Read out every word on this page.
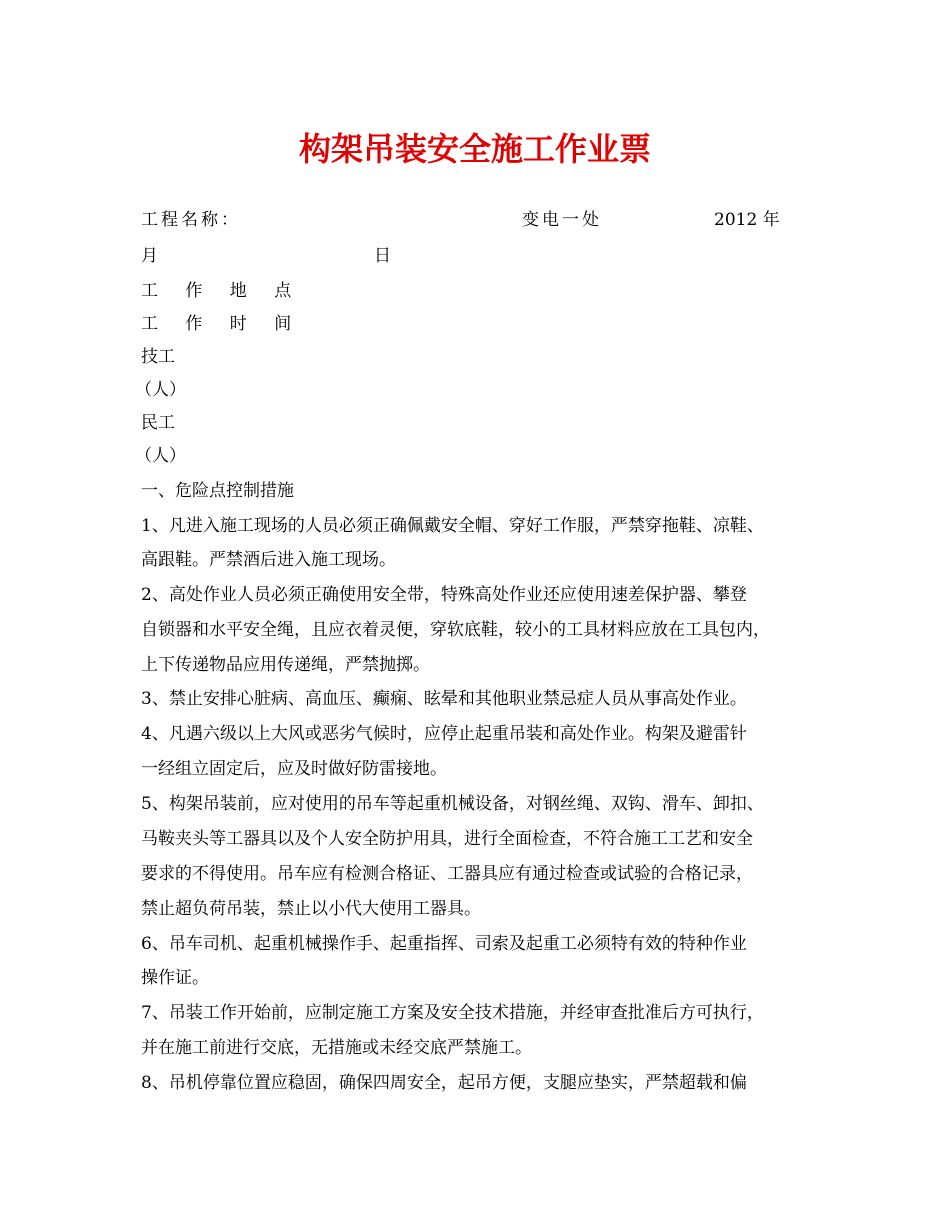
构架吊装安全施工作业票
工程名称：	变电一处	2012 年
月	日
工 作 地 点
工 作 时 间
技工
（人）
民工
（人）
一、危险点控制措施
1、凡进入施工现场的人员必须正确佩戴安全帽、穿好工作服，严禁穿拖鞋、凉鞋、
高跟鞋。严禁酒后进入施工现场。
2、高处作业人员必须正确使用安全带，特殊高处作业还应使用速差保护器、攀登
自锁器和水平安全绳，且应衣着灵便，穿软底鞋，较小的工具材料应放在工具包内，
上下传递物品应用传递绳，严禁抛掷。
3、禁止安排心脏病、高血压、癫痫、眩晕和其他职业禁忌症人员从事高处作业。
4、凡遇六级以上大风或恶劣气候时，应停止起重吊装和高处作业。构架及避雷针
一经组立固定后，应及时做好防雷接地。
5、构架吊装前，应对使用的吊车等起重机械设备，对钢丝绳、双钩、滑车、卸扣、
马鞍夹头等工器具以及个人安全防护用具，进行全面检查，不符合施工工艺和安全
要求的不得使用。吊车应有检测合格证、工器具应有通过检查或试验的合格记录，
禁止超负荷吊装，禁止以小代大使用工器具。
6、吊车司机、起重机械操作手、起重指挥、司索及起重工必须特有效的特种作业
操作证。
7、吊装工作开始前，应制定施工方案及安全技术措施，并经审查批准后方可执行，
并在施工前进行交底，无措施或未经交底严禁施工。
8、吊机停靠位置应稳固，确保四周安全，起吊方便，支腿应垫实，严禁超载和偏
